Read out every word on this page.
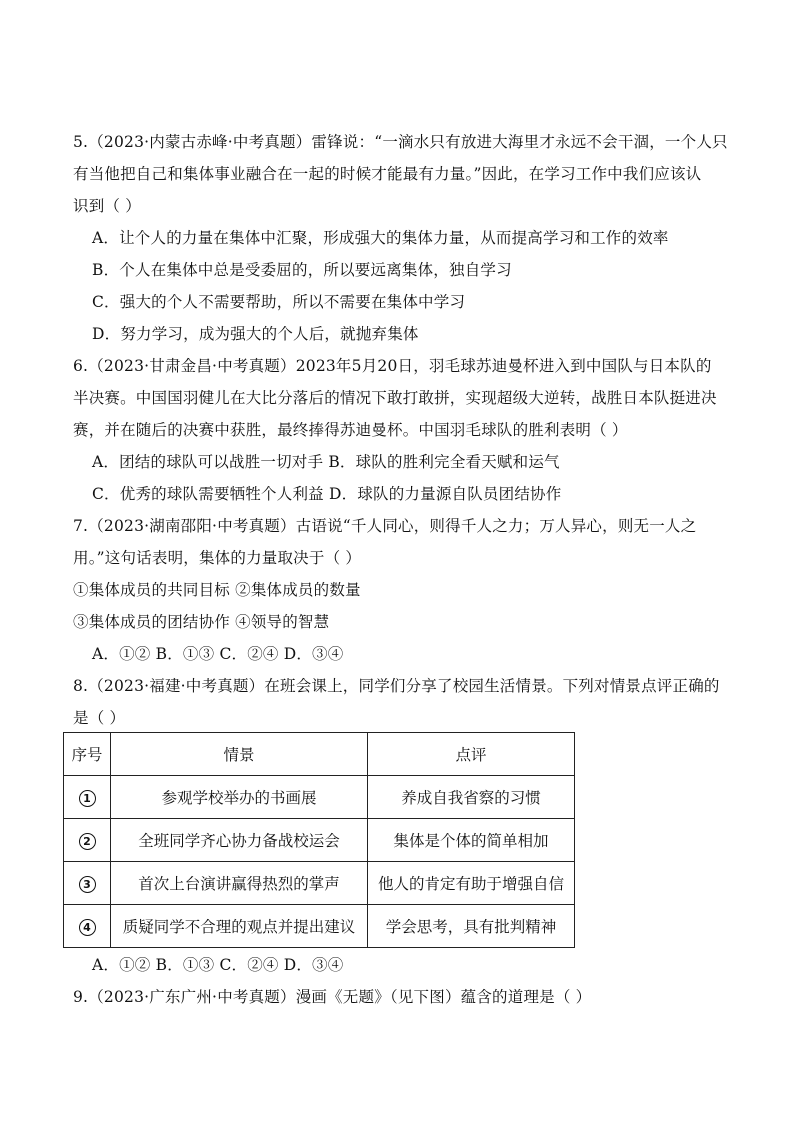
5.（2023·内蒙古赤峰·中考真题）雷锋说：“一滴水只有放进大海里才永远不会干涸，一个人只
有当他把自己和集体事业融合在一起的时候才能最有力量。”因此，在学习工作中我们应该认
识到（ ）
A．让个人的力量在集体中汇聚，形成强大的集体力量，从而提高学习和工作的效率
B．个人在集体中总是受委屈的，所以要远离集体，独自学习
C．强大的个人不需要帮助，所以不需要在集体中学习
D．努力学习，成为强大的个人后，就抛弃集体
6.（2023·甘肃金昌·中考真题）2023年5月20日，羽毛球苏迪曼杯进入到中国队与日本队的
半决赛。中国国羽健儿在大比分落后的情况下敢打敢拼，实现超级大逆转，战胜日本队挺进决
赛，并在随后的决赛中获胜，最终捧得苏迪曼杯。中国羽毛球队的胜利表明（ ）
A．团结的球队可以战胜一切对手 B．球队的胜利完全看天赋和运气
C．优秀的球队需要牺牲个人利益 D．球队的力量源自队员团结协作
7.（2023·湖南邵阳·中考真题）古语说“千人同心，则得千人之力；万人异心，则无一人之
用。”这句话表明，集体的力量取决于（ ）
①集体成员的共同目标 ②集体成员的数量
③集体成员的团结协作 ④领导的智慧
A．①② B．①③ C．②④ D．③④
8.（2023·福建·中考真题）在班会课上，同学们分享了校园生活情景。下列对情景点评正确的
序号	情景	点评
1	参观学校举办的书画展	养成自我省察的习惯
2	全班同学齐心协力备战校运会	集体是个体的简单相加
3	首次上台演讲赢得热烈的掌声	他人的肯定有助于增强自信
4	质疑同学不合理的观点并提出建议	学会思考，具有批判精神
是（ ）
A．①② B．①③ C．②④ D．③④
9.（2023·广东广州·中考真题）漫画《无题》（见下图）蕴含的道理是（ ）
